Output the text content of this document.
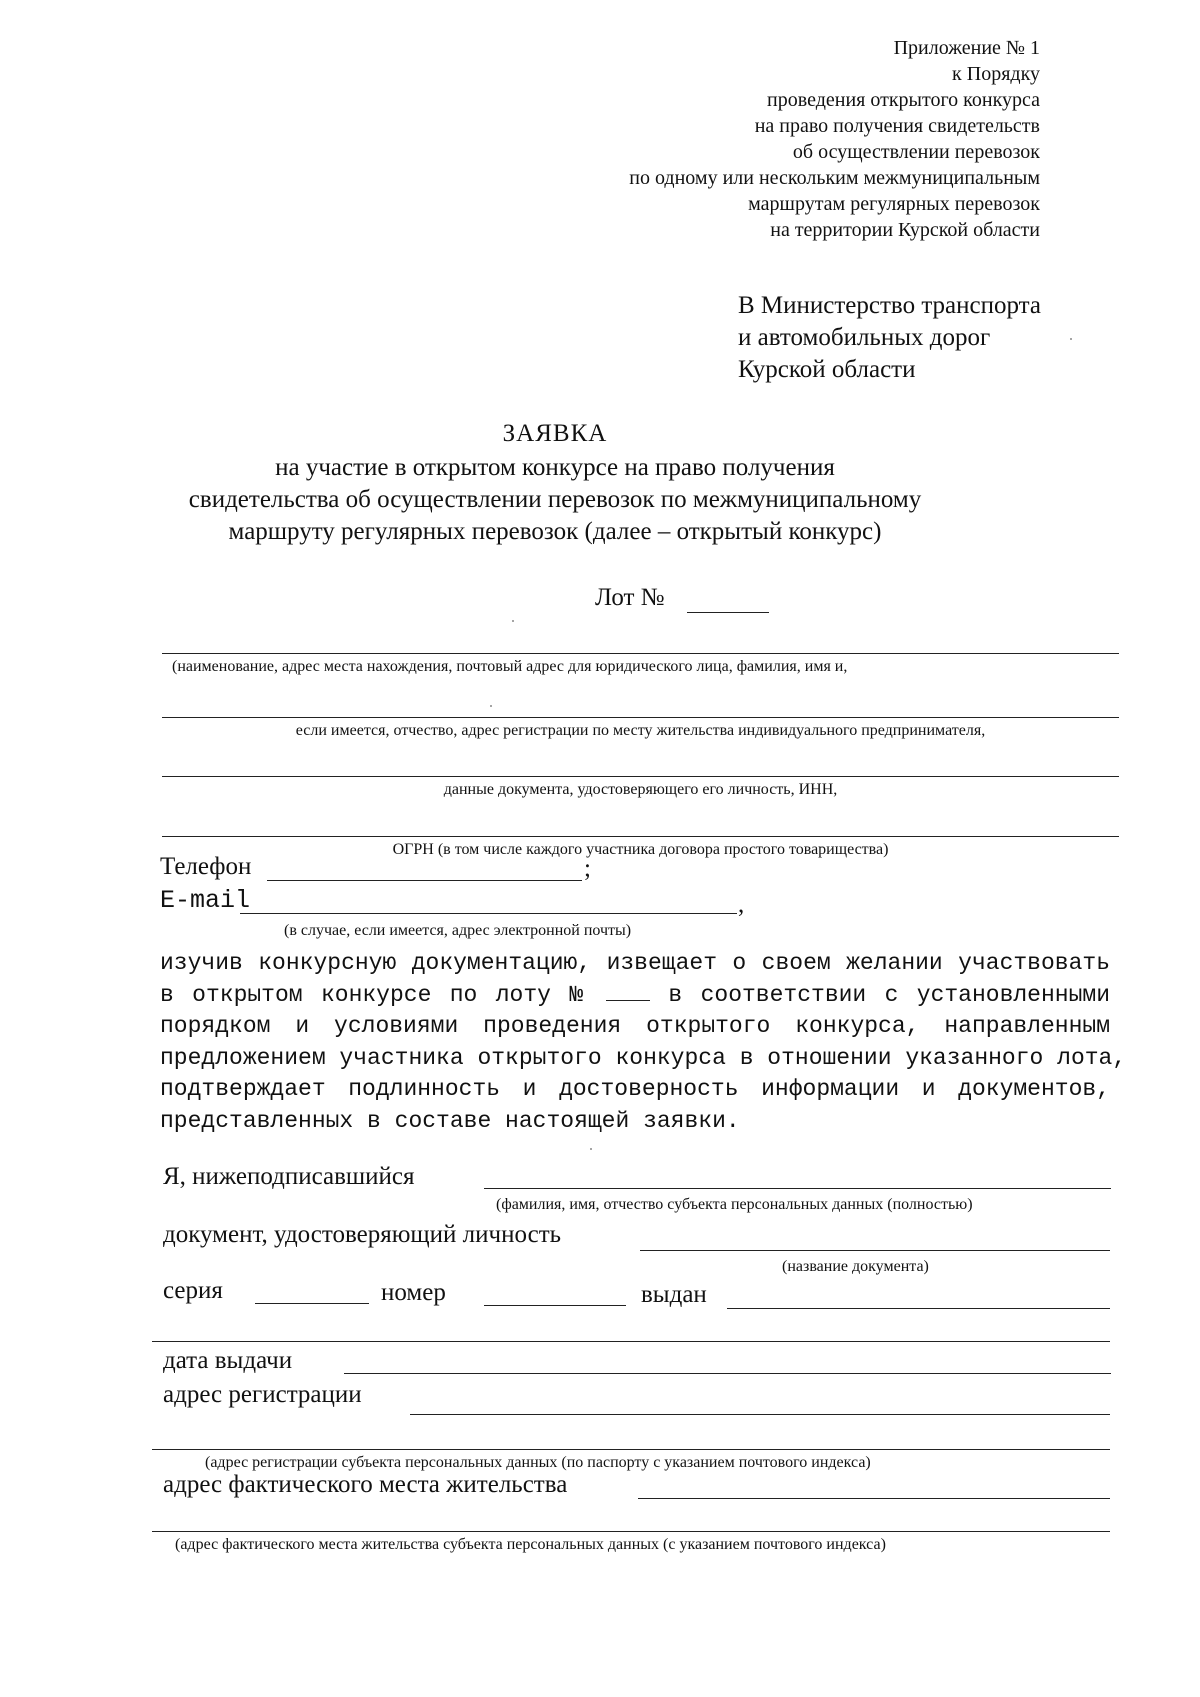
Приложение № 1
к Порядку
проведения открытого конкурса
на право получения свидетельств
об осуществлении перевозок
по одному или нескольким межмуниципальным
маршрутам регулярных перевозок
на территории Курской области
В Министерство транспорта
и автомобильных дорог
Курской области
ЗАЯВКА
на участие в открытом конкурсе на право получения
свидетельства об осуществлении перевозок по межмуниципальному
маршруту регулярных перевозок (далее – открытый конкурс)
Лот №
(наименование, адрес места нахождения, почтовый адрес для юридического лица, фамилия, имя и,
если имеется, отчество, адрес регистрации по месту жительства индивидуального предпринимателя,
данные документа, удостоверяющего его личность, ИНН,
ОГРН (в том числе каждого участника договора простого товарищества)
Телефон	;
E-mail	,
(в случае, если имеется, адрес электронной почты)

изучив конкурсную документацию, извещает о своем желании участвовать

в открытом конкурсе по лоту №	в соответствии с установленными

порядком и условиями проведения открытого конкурса, направленным

предложением участника открытого конкурса в отношении указанного лота,

подтверждает подлинность и достоверность информации и документов,

представленных в составе настоящей заявки.

Я, нижеподписавшийся
(фамилия, имя, отчество субъекта персональных данных (полностью)
документ, удостоверяющий личность
(название документа)
серия	номер	выдан
дата выдачи
адрес регистрации
(адрес регистрации субъекта персональных данных (по паспорту с указанием почтового индекса)
адрес фактического места жительства
(адрес фактического места жительства субъекта персональных данных (с указанием почтового индекса)
